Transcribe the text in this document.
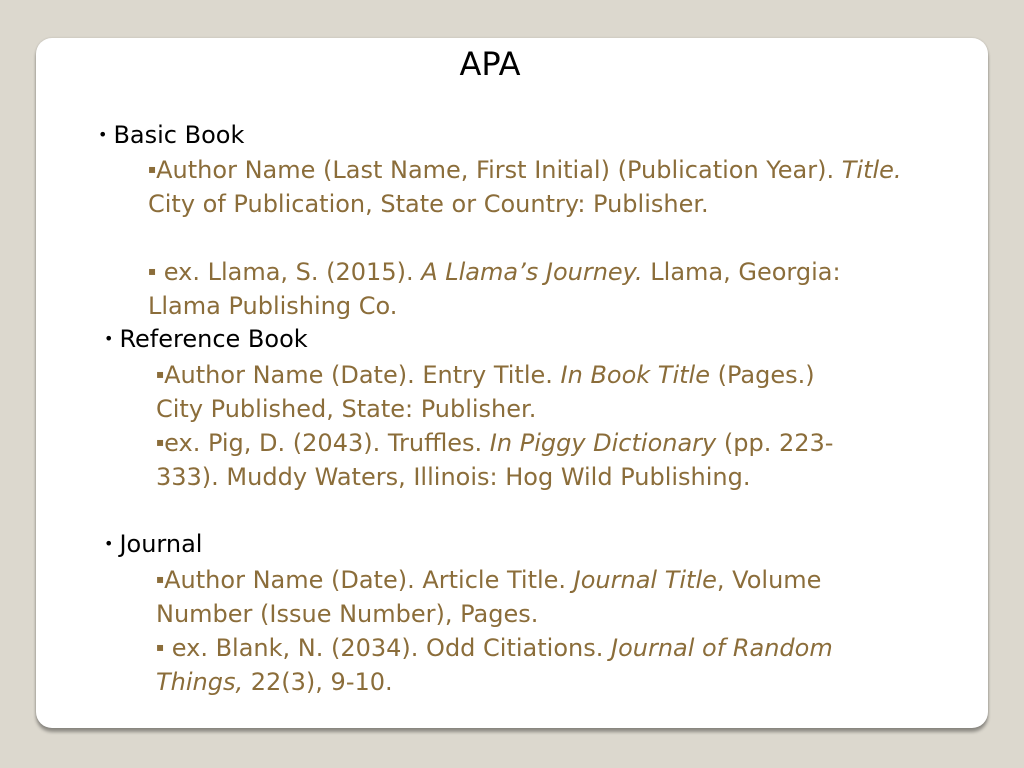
APA
• Basic Book
▪Author Name (Last Name, First Initial) (Publication Year). Title. City of Publication, State or Country: Publisher.
▪ ex. Llama, S. (2015). A Llama’s Journey. Llama, Georgia: Llama Publishing Co.
• Reference Book
▪Author Name (Date). Entry Title. In Book Title (Pages.) City Published, State: Publisher.
▪ex. Pig, D. (2043). Truffles. In Piggy Dictionary (pp. 223-333). Muddy Waters, Illinois: Hog Wild Publishing.
• Journal
▪Author Name (Date). Article Title. Journal Title, Volume Number (Issue Number), Pages.
▪ ex. Blank, N. (2034). Odd Citiations. Journal of Random Things, 22(3), 9-10.
